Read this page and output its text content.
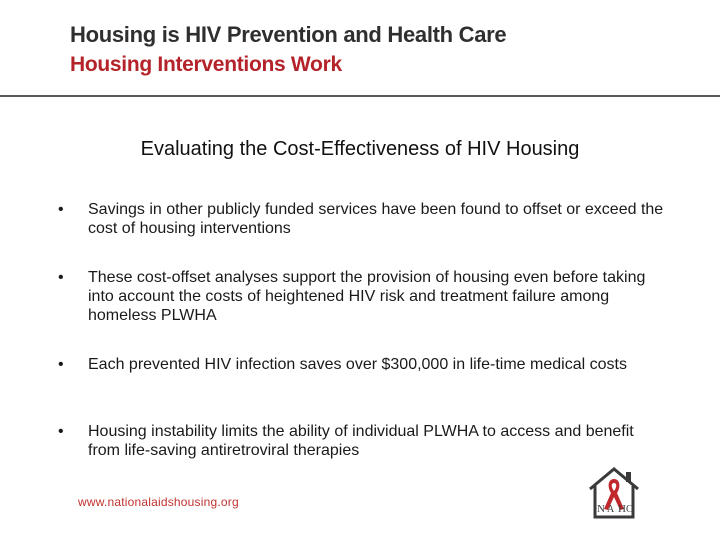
Housing is HIV Prevention and Health Care
Housing Interventions Work
Evaluating the Cost-Effectiveness of HIV Housing
• Savings in other publicly funded services have been found to offset or exceed the cost of housing interventions
• These cost-offset analyses support the provision of housing even before taking into account the costs of heightened HIV risk and treatment failure among homeless PLWHA
• Each prevented HIV infection saves over $300,000 in life-time medical costs
• Housing instability limits the ability of individual PLWHA to access and benefit from life-saving antiretroviral therapies
www.nationalaidshousing.org	N A H C
